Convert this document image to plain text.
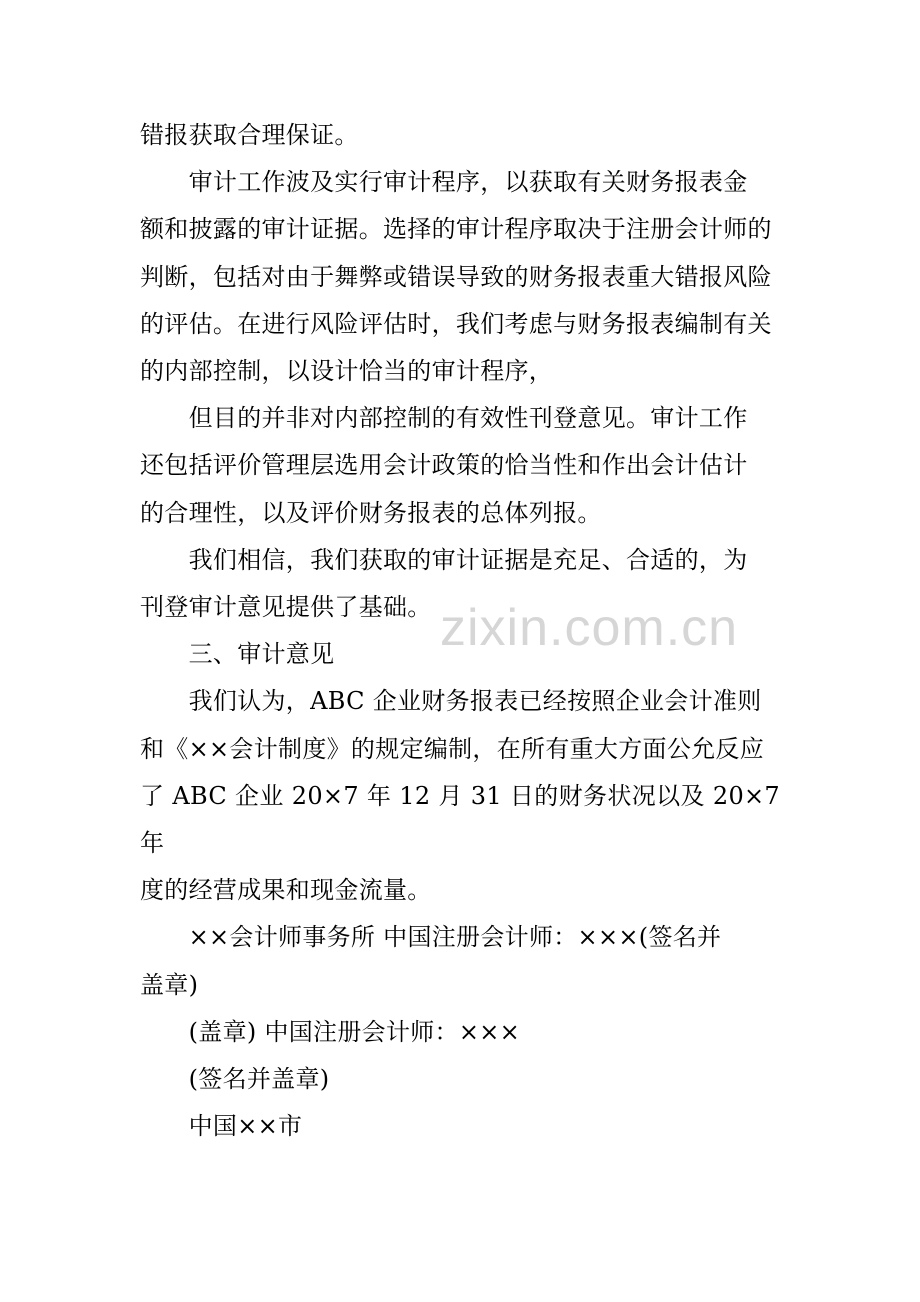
错报获取合理保证。

　　审计工作波及实行审计程序，以获取有关财务报表金
额和披露的审计证据。选择的审计程序取决于注册会计师的
判断，包括对由于舞弊或错误导致的财务报表重大错报风险
的评估。在进行风险评估时，我们考虑与财务报表编制有关
的内部控制，以设计恰当的审计程序，

　　但目的并非对内部控制的有效性刊登意见。审计工作
还包括评价管理层选用会计政策的恰当性和作出会计估计
的合理性，以及评价财务报表的总体列报。

　　我们相信，我们获取的审计证据是充足、合适的，为
刊登审计意见提供了基础。

　　三、审计意见

　　我们认为，ABC 企业财务报表已经按照企业会计准则
和《××会计制度》的规定编制，在所有重大方面公允反应
了 ABC 企业 20×7 年 12 月 31 日的财务状况以及 20×7 年
度的经营成果和现金流量。

　　××会计师事务所 中国注册会计师：×××(签名并
盖章)

　　(盖章) 中国注册会计师：×××

　　(签名并盖章)

　　中国××市

zixin.com.cn
